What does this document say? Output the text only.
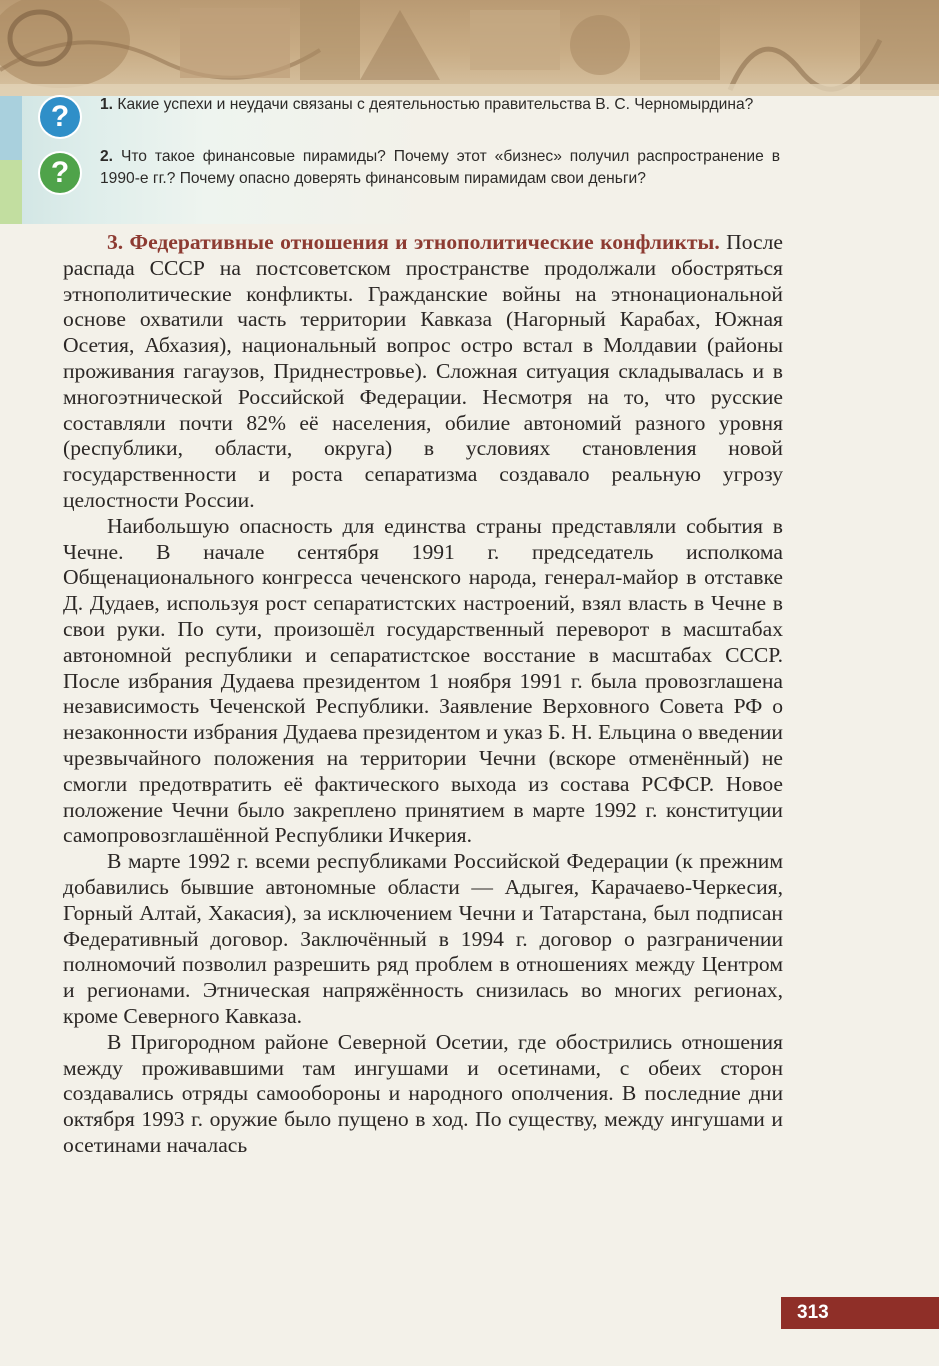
?	1. Какие успехи и неудачи связаны с деятельностью правительства В. С. Черномырдина?
?	2. Что такое финансовые пирамиды? Почему этот «бизнес» получил распространение в 1990-е гг.? Почему опасно доверять финансовым пирамидам свои деньги?

3. Федеративные отношения и этнополитические конфликты. После распада СССР на постсоветском пространстве продолжали обостряться этнополитические конфликты. Гражданские войны на этнонациональной основе охватили часть территории Кавказа (Нагорный Карабах, Южная Осетия, Абхазия), национальный вопрос остро встал в Молдавии (районы проживания гагаузов, Приднестровье). Сложная ситуация складывалась и в многоэтнической Российской Федерации. Несмотря на то, что русские составляли почти 82% её населения, обилие автономий разного уровня (республики, области, округа) в условиях становления новой государственности и роста сепаратизма создавало реальную угрозу целостности России.

Наибольшую опасность для единства страны представляли события в Чечне. В начале сентября 1991 г. председатель исполкома Общенационального конгресса чеченского народа, генерал-майор в отставке Д. Дудаев, используя рост сепаратистских настроений, взял власть в Чечне в свои руки. По сути, произошёл государственный переворот в масштабах автономной республики и сепаратистское восстание в масштабах СССР. После избрания Дудаева президентом 1 ноября 1991 г. была провозглашена независимость Чеченской Республики. Заявление Верховного Совета РФ о незаконности избрания Дудаева президентом и указ Б. Н. Ельцина о введении чрезвычайного положения на территории Чечни (вскоре отменённый) не смогли предотвратить её фактического выхода из состава РСФСР. Новое положение Чечни было закреплено принятием в марте 1992 г. конституции самопровозглашённой Республики Ичкерия.

В марте 1992 г. всеми республиками Российской Федерации (к прежним добавились бывшие автономные области — Адыгея, Карачаево-Черкесия, Горный Алтай, Хакасия), за исключением Чечни и Татарстана, был подписан Федеративный договор. Заключённый в 1994 г. договор о разграничении полномочий позволил разрешить ряд проблем в отношениях между Центром и регионами. Этническая напряжённость снизилась во многих регионах, кроме Северного Кавказа.

В Пригородном районе Северной Осетии, где обострились отношения между проживавшими там ингушами и осетинами, с обеих сторон создавались отряды самообороны и народного ополчения. В последние дни октября 1993 г. оружие было пущено в ход. По существу, между ингушами и осетинами началась

313
